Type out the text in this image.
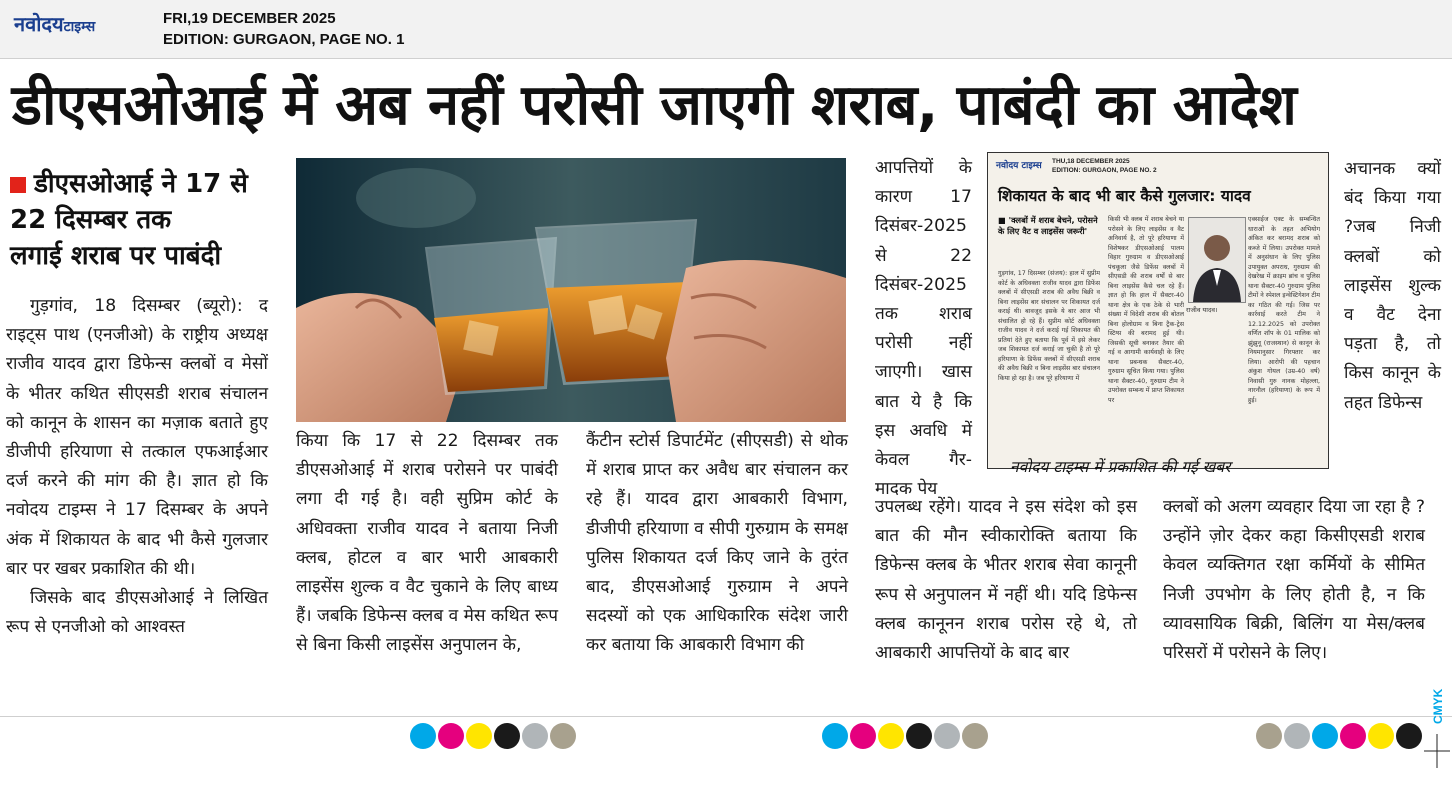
नवोदयटाइम्स	FRI,19 DECEMBER 2025
EDITION: GURGAON, PAGE NO. 1
डीएसओआई में अब नहीं परोसी जाएगी शराब, पाबंदी का आदेश
डीएसओआई ने 17 से
22 दिसम्बर तक
लगाई शराब पर पाबंदी

गुड़गांव, 18 दिसम्बर (ब्यूरो): द राइट्स पाथ (एनजीओ) के राष्ट्रीय अध्यक्ष राजीव यादव द्वारा डिफेन्स क्लबों व मेसों के भीतर कथित सीएसडी शराब संचालन को कानून के शासन का मज़ाक बताते हुए डीजीपी हरियाणा से तत्काल एफआईआर दर्ज करने की मांग की है। ज्ञात हो कि नवोदय टाइम्स ने 17 दिसम्बर के अपने अंक में शिकायत के बाद भी कैसे गुलजार बार पर खबर प्रकाशित की थी।

जिसके बाद डीएसओआई ने लिखित रूप से एनजीओ को आश्वस्त

किया कि 17 से 22 दिसम्बर तक डीएसओआई में शराब परोसने पर पाबंदी लगा दी गई है। वही सुप्रिम कोर्ट के अधिवक्ता राजीव यादव ने बताया निजी क्लब, होटल व बार भारी आबकारी लाइसेंस शुल्क व वैट चुकाने के लिए बाध्य हैं। जबकि डिफेन्स क्लब व मेस कथित रूप से बिना किसी लाइसेंस अनुपालन के,
कैंटीन स्टोर्स डिपार्टमेंट (सीएसडी) से थोक में शराब प्राप्त कर अवैध बार संचालन कर रहे हैं। यादव द्वारा आबकारी विभाग, डीजीपी हरियाणा व सीपी गुरुग्राम के समक्ष पुलिस शिकायत दर्ज किए जाने के तुरंत बाद, डीएसओआई गुरुग्राम ने अपने सदस्यों को एक आधिकारिक संदेश जारी कर बताया कि आबकारी विभाग की
आपत्तियों के कारण 17 दिसंबर-2025 से 22 दिसंबर-2025 तक शराब परोसी नहीं जाएगी। खास बात ये है कि इस अवधि में केवल गैर-मादक पेय
नवोदय टाइम्स THU,18 DECEMBER 2025
EDITION: GURGAON, PAGE NO. 2
शिकायत के बाद भी बार कैसे गुलजार: यादव
■ 'क्लबों में शराब बेचने, परोसने के लिए वैट व लाइसेंस जरूरी'
गुड़गांव, 17 दिसम्बर (संजय): हाल में सुप्रीम कोर्ट के अधिवक्ता राजीव यादव द्वारा डिफेंस क्लबों में सीएसडी शराब की अवैध बिक्री व बिना लाइसेंस बार संचालन पर शिकायत दर्ज कराई थी। बावजूद इसके ये बार आज भी संचालित हो रहे हैं। सुप्रीम कोर्ट अधिवक्ता राजीव यादव ने दर्ज कराई गई शिकायत की प्रतियां देते हुए बताया कि पूर्व में इसे लेकर जब शिकायत दर्ज कराई जा चुकी है तो पूरे हरियाणा के डिफेंस क्लबों में सीएसडी शराब की अवैध बिक्री व बिना लाइसेंस बार संचालन किया हो रहा है। जब पूरे हरियाणा में
किसी भी क्लब में शराब बेचने या परोसने के लिए लाइसेंस व वैट अनिवार्य है, तो पूरे हरियाणा में विशेषकर डीएसओआई पालम विहार गुरुग्राम व डीएसओआई पंचकूला जैसे डिफेंस क्लबों में सीएसडी की शराब वर्षों से बार बिना लाइसेंस कैसे चल रहे हैं। ज्ञात हो कि हाल में सैक्टर-40 थाना क्षेत्र के एक ठेके से भारी संख्या में विदेशी शराब की बोतल बिना होलोग्राम व बिना ट्रैक-ट्रेस स्टिग्स की बरामद हुई थी। जिसकी सूची बनाकर तैयार की गई व आगामी कार्यवाही के लिए थाना प्रबन्धक सैक्टर-40, गुरुग्राम सूचित किया गया। पुलिस थाना सैक्टर-40, गुरुग्राम टीम ने उपरोक्त सम्बन्ध में प्राप्त शिकायत पर
राजीव यादव।
एक्साईज एक्ट के सम्बन्धित धाराओं के तहत अभियोग अंकित कर बरामद शराब को कब्जे में लिया। उपरोक्त मामले में अनुसंधान के लिए पुलिस उपायुक्त अपराध, गुरुग्राम की देखरेख में क्राइम ब्रांच व पुलिस थाना सैक्टर-40 गुरुग्राम पुलिस टीमों ने स्पेशल इन्वेस्टिगेशन टीम का गठित की गई। जिस पर कार्रवाई करते टीम ने 12.12.2025 को उपरोक्त वर्णित शॉप के 01 मालिक को झुंझुनू (राजस्थान) से कानून के नियमानुसार गिरफ्तार कर लिया। आरोपी की पहचान अंकुश गोयल (उम्र-40 वर्ष) निवासी गुरु नानक मोहल्ला, नारनौल (हरियाणा) के रूप में हुई।
नवोदय टाइम्स में प्रकाशित की गई खबर
उपलब्ध रहेंगे। यादव ने इस संदेश को इस बात की मौन स्वीकारोक्ति बताया कि डिफेन्स क्लब के भीतर शराब सेवा कानूनी रूप से अनुपालन में नहीं थी। यदि डिफेन्स क्लब कानूनन शराब परोस रहे थे, तो आबकारी आपत्तियों के बाद बार
अचानक क्यों बंद किया गया ?जब निजी क्लबों को लाइसेंस शुल्क व वैट देना पड़ता है, तो किस कानून के तहत डिफेन्स
क्लबों को अलग व्यवहार दिया जा रहा है ? उन्होंने ज़ोर देकर कहा किसीएसडी शराब केवल व्यक्तिगत रक्षा कर्मियों के सीमित निजी उपभोग के लिए होती है, न कि व्यावसायिक बिक्री, बिलिंग या मेस/क्लब परिसरों में परोसने के लिए।
CMYK
